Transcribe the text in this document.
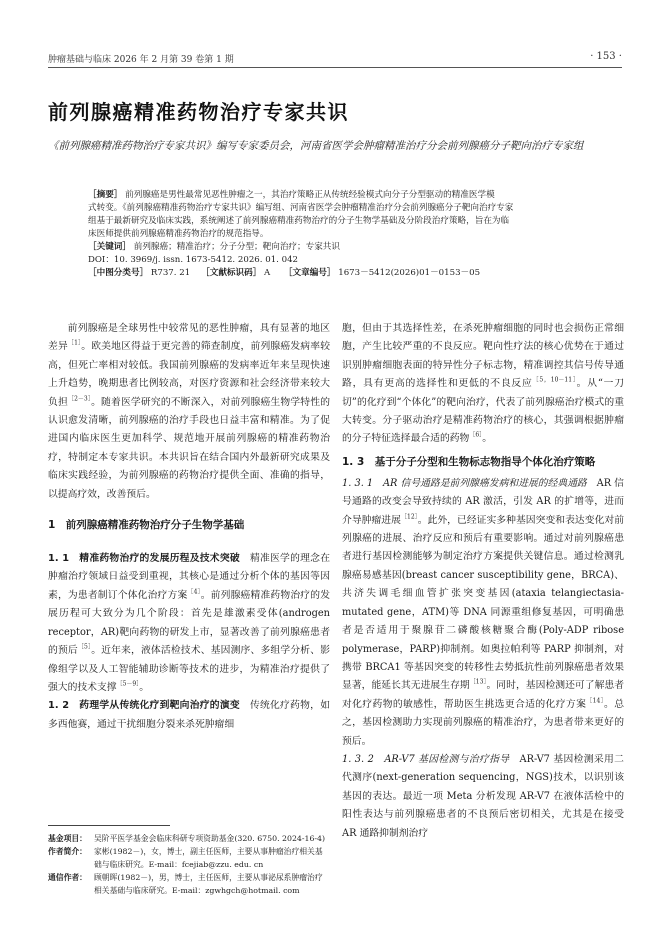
肿瘤基础与临床 2026 年 2 月第 39 卷第 1 期	· 153 ·
前列腺癌精准药物治疗专家共识
《前列腺癌精准药物治疗专家共识》编写专家委员会，河南省医学会肿瘤精准治疗分会前列腺癌分子靶向治疗专家组
［摘要］ 前列腺癌是男性最常见恶性肿瘤之一，其治疗策略正从传统经验模式向分子分型驱动的精准医学模
式转变。《前列腺癌精准药物治疗专家共识》编写组、河南省医学会肿瘤精准治疗分会前列腺癌分子靶向治疗专家
组基于最新研究及临床实践，系统阐述了前列腺癌精准药物治疗的分子生物学基础及分阶段治疗策略，旨在为临
床医师提供前列腺癌精准药物治疗的规范指导。
［关键词］ 前列腺癌；精准治疗；分子分型；靶向治疗；专家共识
DOI：10. 3969/j. issn. 1673-5412. 2026. 01. 042
［中图分类号］ R737. 21 ［文献标识码］ A ［文章编号］ 1673－5412(2026)01－0153－05

前列腺癌是全球男性中较常见的恶性肿瘤，具有显著的地区差异$^{[1]}$。欧美地区得益于更完善的筛查制度，前列腺癌发病率较高，但死亡率相对较低。我国前列腺癌的发病率近年来呈现快速上升趋势，晚期患者比例较高，对医疗资源和社会经济带来较大负担$^{[2-3]}$。随着医学研究的不断深入，对前列腺癌生物学特性的认识愈发清晰，前列腺癌的治疗手段也日益丰富和精准。为了促进国内临床医生更加科学、规范地开展前列腺癌的精准药物治疗，特制定本专家共识。本共识旨在结合国内外最新研究成果及临床实践经验，为前列腺癌的药物治疗提供全面、准确的指导，以提高疗效，改善预后。

1　前列腺癌精准药物治疗分子生物学基础

1. 1　精准药物治疗的发展历程及技术突破　精准医学的理念在肿瘤治疗领域日益受到重视，其核心是通过分析个体的基因等因素，为患者制订个体化治疗方案$^{[4]}$。前列腺癌精准药物治疗的发展历程可大致分为几个阶段：首先是雄激素受体(androgen receptor，AR)靶向药物的研发上市，显著改善了前列腺癌患者的预后$^{[5]}$。近年来，液体活检技术、基因测序、多组学分析、影像组学以及人工智能辅助诊断等技术的进步，为精准治疗提供了强大的技术支撑$^{[5-9]}$。

1. 2　药理学从传统化疗到靶向治疗的演变　传统化疗药物，如多西他赛，通过干扰细胞分裂来杀死肿瘤细

胞，但由于其选择性差，在杀死肿瘤细胞的同时也会损伤正常细胞，产生比较严重的不良反应。靶向性疗法的核心优势在于通过识别肿瘤细胞表面的特异性分子标志物，精准调控其信号传导通路，具有更高的选择性和更低的不良反应$^{[5,10-11]}$。从“一刀切”的化疗到“个体化”的靶向治疗，代表了前列腺癌治疗模式的重大转变。分子驱动治疗是精准药物治疗的核心，其强调根据肿瘤的分子特征选择最合适的药物$^{[6]}$。

1. 3　基于分子分型和生物标志物指导个体化治疗策略

1. 3. 1　AR 信号通路是前列腺癌发病和进展的经典通路　AR 信号通路的改变会导致持续的 AR 激活，引发 AR 的扩增等，进而介导肿瘤进展$^{[12]}$。此外，已经证实多种基因突变和表达变化对前列腺癌的进展、治疗反应和预后有重要影响。通过对前列腺癌患者进行基因检测能够为制定治疗方案提供关键信息。通过检测乳腺癌易感基因(breast cancer susceptibility gene，BRCA)、共济失调毛细血管扩张突变基因(ataxia telangiectasia-mutated gene，ATM)等 DNA 同源重组修复基因，可明确患者是否适用于聚腺苷二磷酸核糖聚合酶(Poly-ADP ribose polymerase，PARP)抑制剂。如奥拉帕利等 PARP 抑制剂，对携带 BRCA1 等基因突变的转移性去势抵抗性前列腺癌患者效果显著，能延长其无进展生存期$^{[13]}$。同时，基因检测还可了解患者对化疗药物的敏感性，帮助医生挑选更合适的化疗方案$^{[14]}$。总之，基因检测助力实现前列腺癌的精准治疗，为患者带来更好的预后。

1. 3. 2　AR-V7 基因检测与治疗指导　AR-V7 基因检测采用二代测序(next-generation sequencing，NGS)技术，以识别该基因的表达。最近一项 Meta 分析发现 AR-V7 在液体活检中的阳性表达与前列腺癌患者的不良预后密切相关，尤其是在接受 AR 通路抑制剂治疗

基金项目： 吴阶平医学基金会临床科研专项资助基金(320. 6750. 2024-16-4)
作者简介： 家彬(1982－)，女，博士，副主任医师，主要从事肿瘤治疗相关基础与临床研究。E-mail：fcejiab@zzu. edu. cn
通信作者： 顾朝晖(1982－)，男，博士，主任医师，主要从事泌尿系肿瘤治疗相关基础与临床研究。E-mail：zgwhgch@hotmail. com
